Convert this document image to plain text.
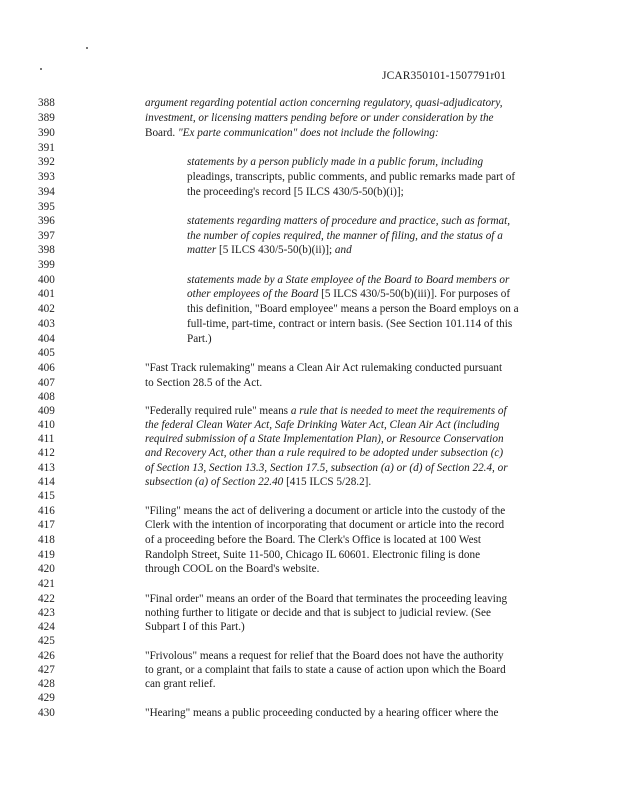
JCAR350101-1507791r01
388
389
390
391
392
393
394
395
396
397
398
399
400
401
402
403
404
405
406
407
408
409
410
411
412
413
414
415
416
417
418
419
420
421
422
423
424
425
426
427
428
429
430
argument regarding potential action concerning regulatory, quasi-adjudicatory,
investment, or licensing matters pending before or under consideration by the
Board. "Ex parte communication" does not include the following:
statements by a person publicly made in a public forum, including
pleadings, transcripts, public comments, and public remarks made part of
the proceeding's record [5 ILCS 430/5-50(b)(i)];
statements regarding matters of procedure and practice, such as format,
the number of copies required, the manner of filing, and the status of a
matter [5 ILCS 430/5-50(b)(ii)]; and
statements made by a State employee of the Board to Board members or
other employees of the Board [5 ILCS 430/5-50(b)(iii)]. For purposes of
this definition, "Board employee" means a person the Board employs on a
full-time, part-time, contract or intern basis. (See Section 101.114 of this
Part.)
"Fast Track rulemaking" means a Clean Air Act rulemaking conducted pursuant
to Section 28.5 of the Act.
"Federally required rule" means a rule that is needed to meet the requirements of
the federal Clean Water Act, Safe Drinking Water Act, Clean Air Act (including
required submission of a State Implementation Plan), or Resource Conservation
and Recovery Act, other than a rule required to be adopted under subsection (c)
of Section 13, Section 13.3, Section 17.5, subsection (a) or (d) of Section 22.4, or
subsection (a) of Section 22.40 [415 ILCS 5/28.2].
"Filing" means the act of delivering a document or article into the custody of the
Clerk with the intention of incorporating that document or article into the record
of a proceeding before the Board. The Clerk's Office is located at 100 West
Randolph Street, Suite 11-500, Chicago IL 60601. Electronic filing is done
through COOL on the Board's website.
"Final order" means an order of the Board that terminates the proceeding leaving
nothing further to litigate or decide and that is subject to judicial review. (See
Subpart I of this Part.)
"Frivolous" means a request for relief that the Board does not have the authority
to grant, or a complaint that fails to state a cause of action upon which the Board
can grant relief.
"Hearing" means a public proceeding conducted by a hearing officer where the
